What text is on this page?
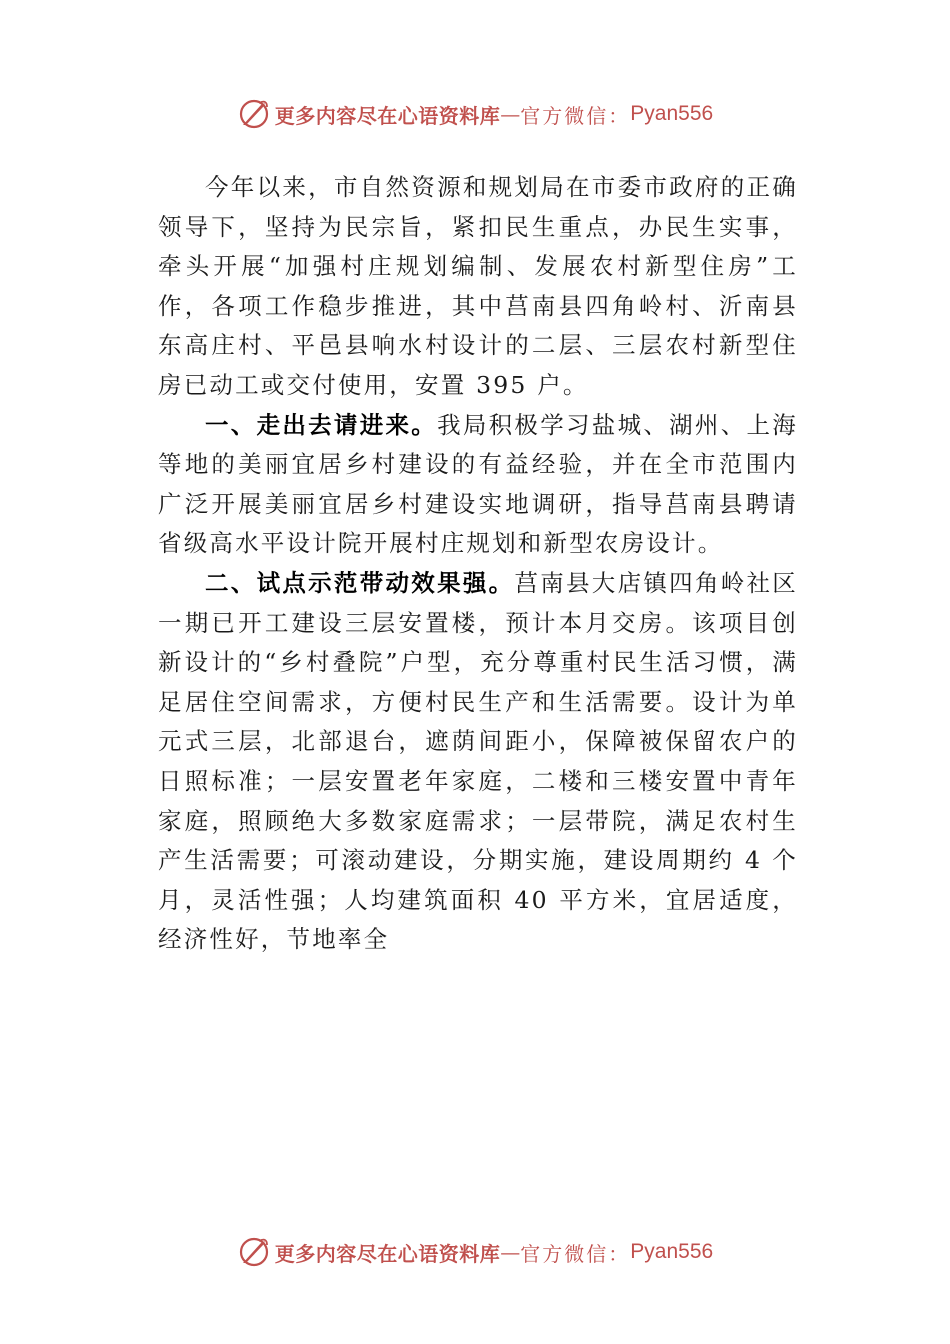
更多内容尽在心语资料库 — 官方微信： Pyan556

今年以来，市自然资源和规划局在市委市政府的正确领导下，坚持为民宗旨，紧扣民生重点，办民生实事，牵头开展“加强村庄规划编制、发展农村新型住房”工作，各项工作稳步推进，其中莒南县四角岭村、沂南县东高庄村、平邑县响水村设计的二层、三层农村新型住房已动工或交付使用，安置 395 户。

一、走出去请进来。我局积极学习盐城、湖州、上海等地的美丽宜居乡村建设的有益经验，并在全市范围内广泛开展美丽宜居乡村建设实地调研，指导莒南县聘请省级高水平设计院开展村庄规划和新型农房设计。

二、试点示范带动效果强。莒南县大店镇四角岭社区一期已开工建设三层安置楼，预计本月交房。该项目创新设计的“乡村叠院”户型，充分尊重村民生活习惯，满足居住空间需求，方便村民生产和生活需要。设计为单元式三层，北部退台，遮荫间距小，保障被保留农户的日照标准；一层安置老年家庭，二楼和三楼安置中青年家庭，照顾绝大多数家庭需求；一层带院，满足农村生产生活需要；可滚动建设，分期实施，建设周期约 4 个月，灵活性强；人均建筑面积 40 平方米，宜居适度，经济性好，节地率全

更多内容尽在心语资料库 — 官方微信： Pyan556
